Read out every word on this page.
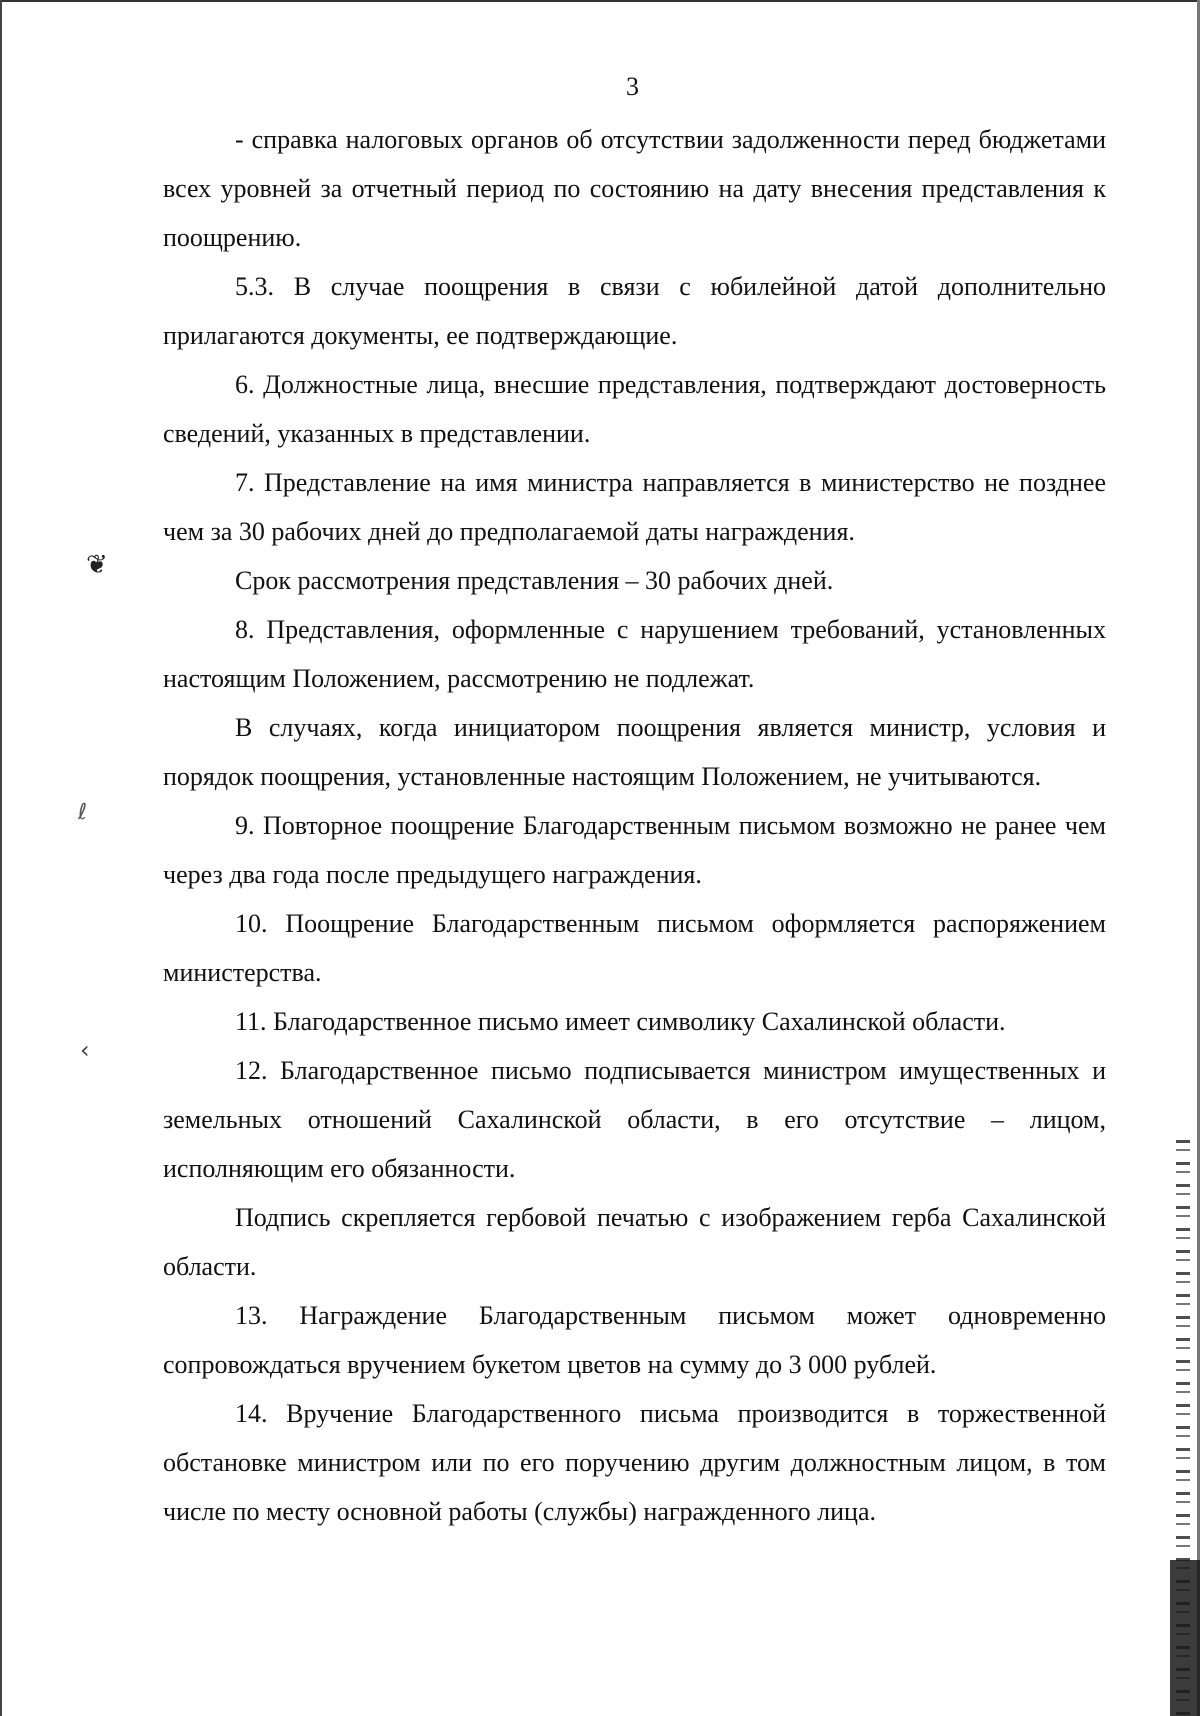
❦
ℓ
‹
3

- справка налоговых органов об отсутствии задолженности перед бюджетами всех уровней за отчетный период по состоянию на дату внесения представления к поощрению.

5.3. В случае поощрения в связи с юбилейной датой дополнительно прилагаются документы, ее подтверждающие.

6. Должностные лица, внесшие представления, подтверждают достоверность сведений, указанных в представлении.

7. Представление на имя министра направляется в министерство не позднее чем за 30 рабочих дней до предполагаемой даты награждения.

Срок рассмотрения представления – 30 рабочих дней.

8. Представления, оформленные с нарушением требований, установленных настоящим Положением, рассмотрению не подлежат.

В случаях, когда инициатором поощрения является министр, условия и порядок поощрения, установленные настоящим Положением, не учитываются.

9. Повторное поощрение Благодарственным письмом возможно не ранее чем через два года после предыдущего награждения.

10. Поощрение Благодарственным письмом оформляется распоряжением министерства.

11. Благодарственное письмо имеет символику Сахалинской области.

12. Благодарственное письмо подписывается министром имущественных и земельных отношений Сахалинской области, в его отсутствие – лицом, исполняющим его обязанности.

Подпись скрепляется гербовой печатью с изображением герба Сахалинской области.

13. Награждение Благодарственным письмом может одновременно сопровождаться вручением букетом цветов на сумму до 3 000 рублей.

14. Вручение Благодарственного письма производится в торжественной обстановке министром или по его поручению другим должностным лицом, в том числе по месту основной работы (службы) награжденного лица.
